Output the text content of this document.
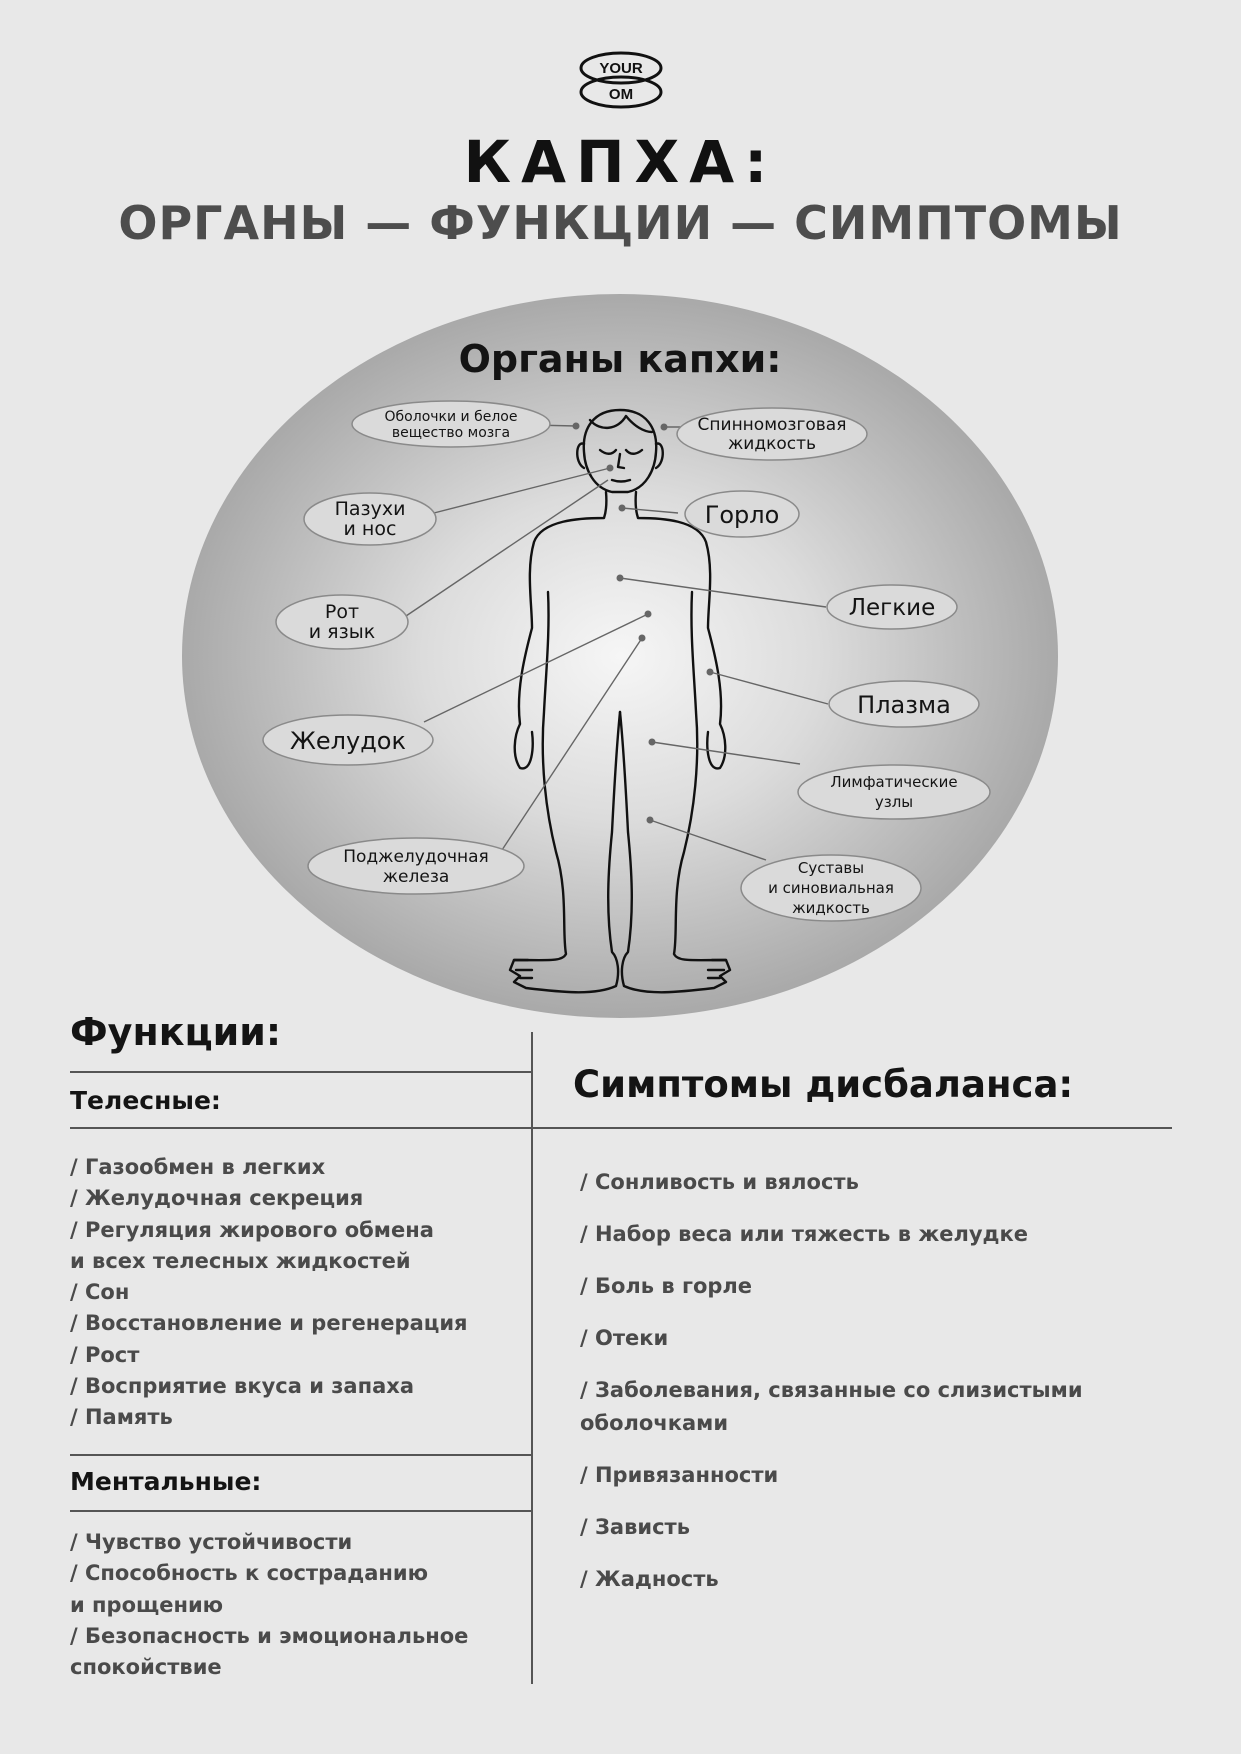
YOUR
OM
КАПХА:
ОРГАНЫ — ФУНКЦИИ — СИМПТОМЫ
Органы капхи:
Оболочки и белое
вещество мозга	Спинномозговая
жидкость
Пазухи
и нос	Горло
Рот
и язык
Легкие
Плазма
Желудок
Лимфатические
узлы
Поджелудочная
железа	Суставы
и синовиальная
жидкость
Функции:
Телесные:
/ Газообмен в легких
/ Желудочная секреция
/ Регуляция жирового обмена
и всех телесных жидкостей
/ Сон
/ Восстановление и регенерация
/ Рост
/ Восприятие вкуса и запаха
/ Память
Ментальные:
/ Чувство устойчивости
/ Способность к состраданию
и прощению
/ Безопасность и эмоциональное
спокойствие
Симптомы дисбаланса:
/ Сонливость и вялость
/ Набор веса или тяжесть в желудке
/ Боль в горле
/ Отеки
/ Заболевания, связанные со слизистыми оболочками
/ Привязанности
/ Зависть
/ Жадность
